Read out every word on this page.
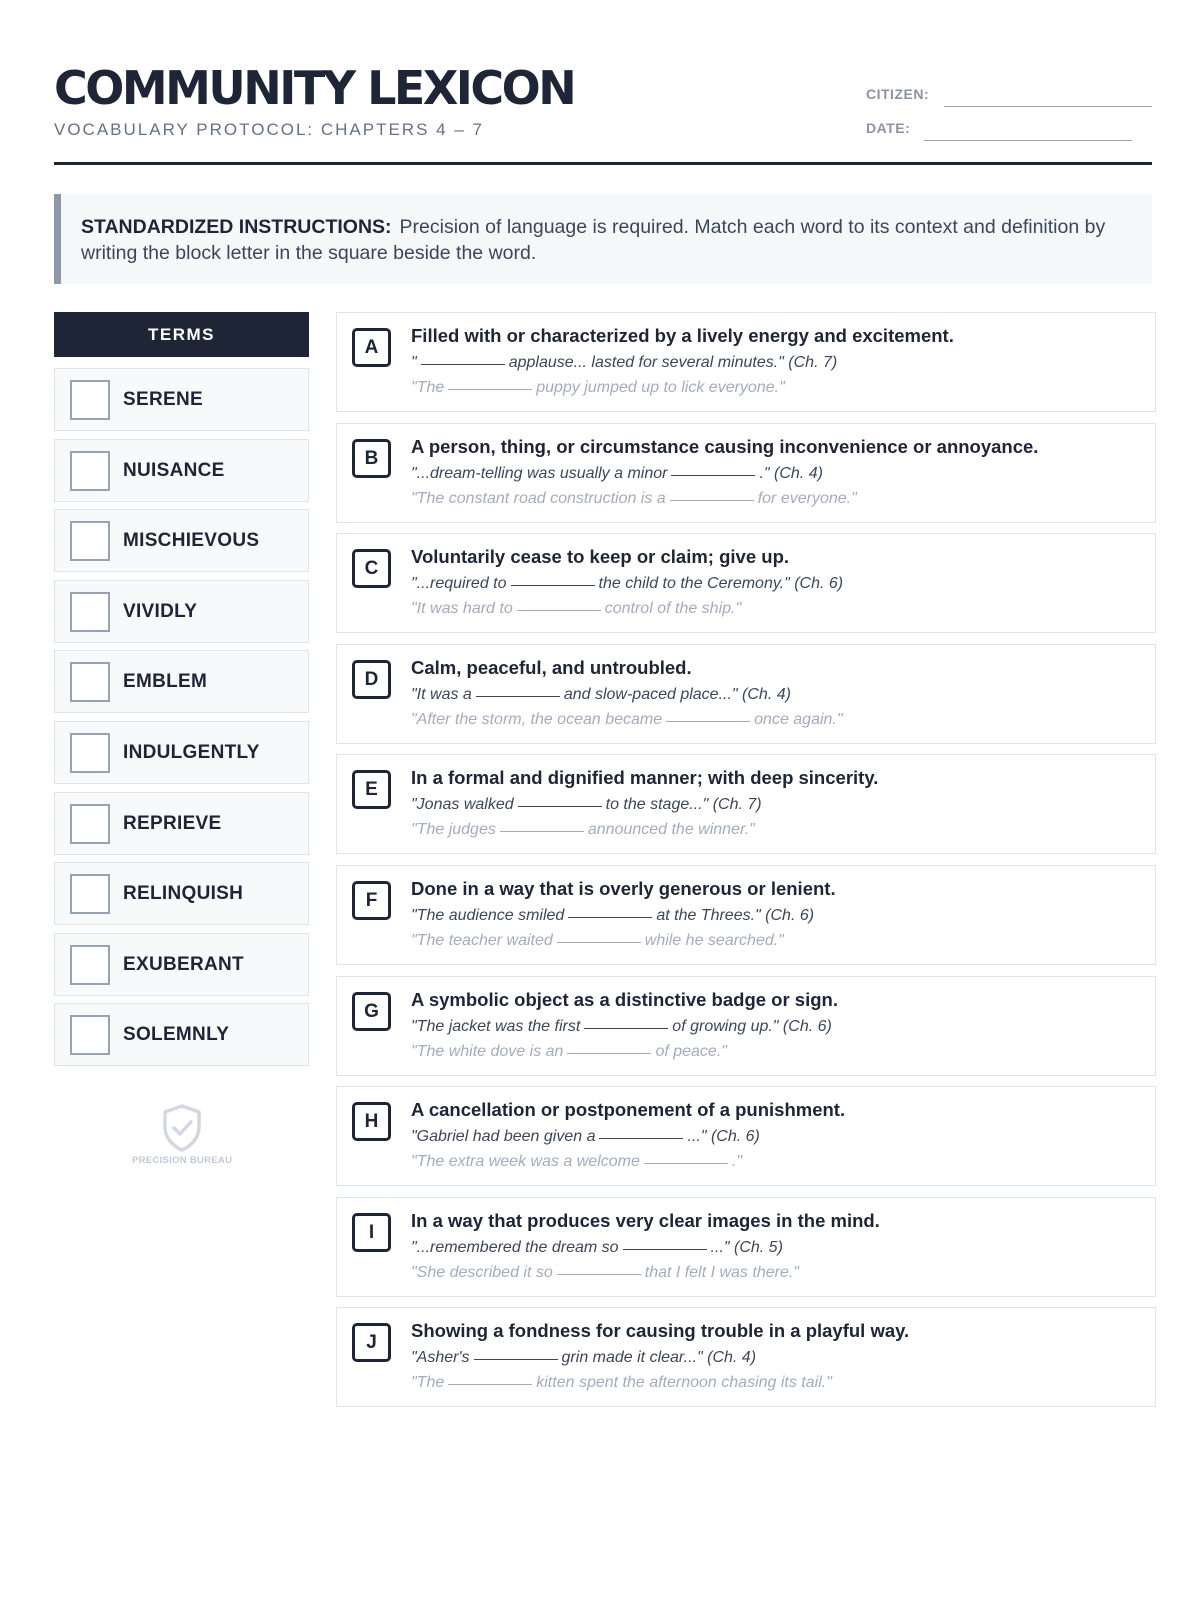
COMMUNITY LEXICON
VOCABULARY PROTOCOL: CHAPTERS 4 – 7
CITIZEN:
DATE:
STANDARDIZED INSTRUCTIONS: Precision of language is required. Match each word to its context and definition by writing the block letter in the square beside the word.
TERMS
SERENE
NUISANCE
MISCHIEVOUS
VIVIDLY
EMBLEM
INDULGENTLY
REPRIEVE
RELINQUISH
EXUBERANT
SOLEMNLY
PRECISION BUREAU
A
Filled with or characterized by a lively energy and excitement.
"	applause... lasted for several minutes." (Ch. 7)
"The	puppy jumped up to lick everyone."
B
A person, thing, or circumstance causing inconvenience or annoyance.
"...dream-telling was usually a minor	." (Ch. 4)
"The constant road construction is a	for everyone."
C
Voluntarily cease to keep or claim; give up.
"...required to	the child to the Ceremony." (Ch. 6)
"It was hard to	control of the ship."
D
Calm, peaceful, and untroubled.
"It was a	and slow-paced place..." (Ch. 4)
"After the storm, the ocean became	once again."
E
In a formal and dignified manner; with deep sincerity.
"Jonas walked	to the stage..." (Ch. 7)
"The judges	announced the winner."
F
Done in a way that is overly generous or lenient.
"The audience smiled	at the Threes." (Ch. 6)
"The teacher waited	while he searched."
G
A symbolic object as a distinctive badge or sign.
"The jacket was the first	of growing up." (Ch. 6)
"The white dove is an	of peace."
H
A cancellation or postponement of a punishment.
"Gabriel had been given a	..." (Ch. 6)
"The extra week was a welcome	."
I
In a way that produces very clear images in the mind.
"...remembered the dream so	..." (Ch. 5)
"She described it so	that I felt I was there."
J
Showing a fondness for causing trouble in a playful way.
"Asher's	grin made it clear..." (Ch. 4)
"The	kitten spent the afternoon chasing its tail."
